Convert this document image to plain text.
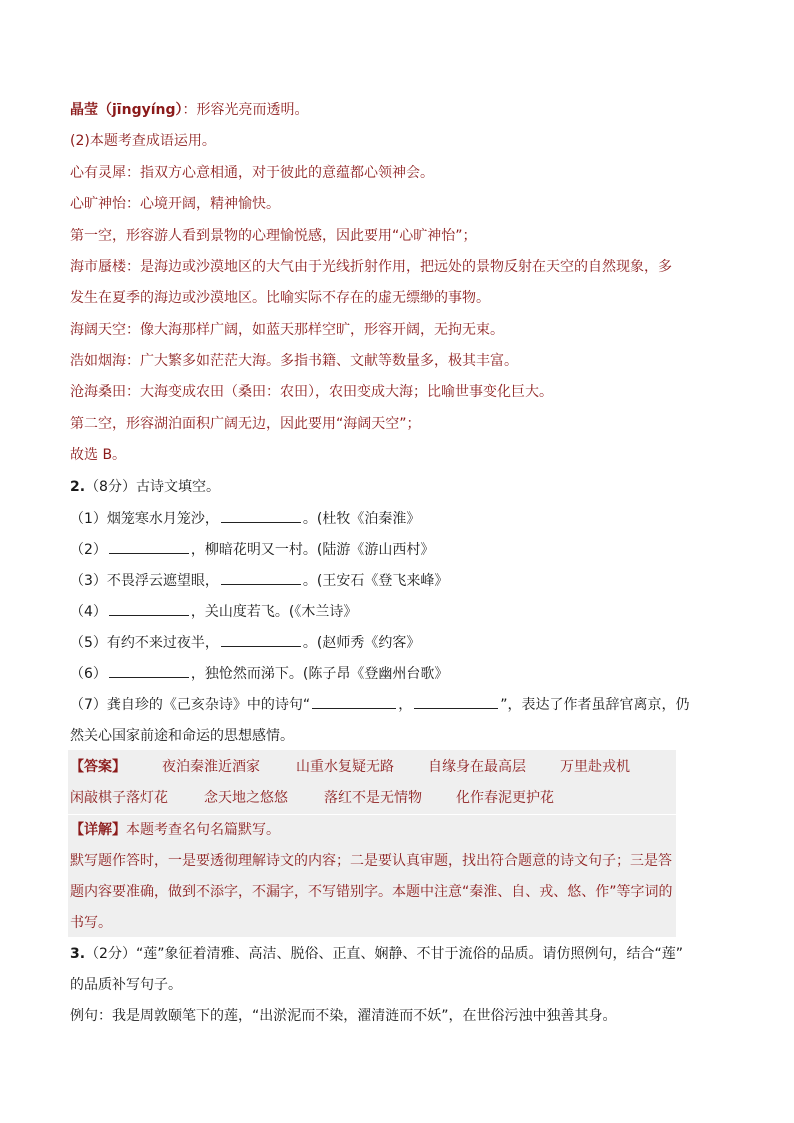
晶莹（jīngyíng）：形容光亮而透明。
(2)本题考查成语运用。
心有灵犀：指双方心意相通，对于彼此的意蕴都心领神会。
心旷神怡：心境开阔，精神愉快。
第一空，形容游人看到景物的心理愉悦感，因此要用“心旷神怡”；
海市蜃楼：是海边或沙漠地区的大气由于光线折射作用，把远处的景物反射在天空的自然现象，多
发生在夏季的海边或沙漠地区。比喻实际不存在的虚无缥缈的事物。
海阔天空：像大海那样广阔，如蓝天那样空旷，形容开阔，无拘无束。
浩如烟海：广大繁多如茫茫大海。多指书籍、文献等数量多，极其丰富。
沧海桑田：大海变成农田（桑田：农田），农田变成大海；比喻世事变化巨大。
第二空，形容湖泊面积广阔无边，因此要用“海阔天空”；
故选 B。
2.（8分）古诗文填空。
（1）烟笼寒水月笼沙，	。(杜牧《泊秦淮》
（2）	，柳暗花明又一村。(陆游《游山西村》
（3）不畏浮云遮望眼，	。(王安石《登飞来峰》
（4）	，关山度若飞。(《木兰诗》
（5）有约不来过夜半，	。(赵师秀《约客》
（6）	，独怆然而涕下。(陈子昂《登幽州台歌》
（7）龚自珍的《己亥杂诗》中的诗句“	，	”，表达了作者虽辞官离京，仍
然关心国家前途和命运的思想感情。
【答案】	夜泊秦淮近酒家	山重水复疑无路 自缘身在最高层 万里赴戎机
闲敲棋子落灯花	念天地之悠悠	落红不是无情物 化作春泥更护花
【详解】本题考查名句名篇默写。
默写题作答时，一是要透彻理解诗文的内容；二是要认真审题，找出符合题意的诗文句子；三是答
题内容要准确，做到不添字，不漏字，不写错别字。本题中注意“秦淮、自、戎、悠、作”等字词的
书写。
3.（2分）“莲”象征着清雅、高洁、脱俗、正直、娴静、不甘于流俗的品质。请仿照例句，结合“莲”
的品质补写句子。
例句：我是周敦颐笔下的莲，“出淤泥而不染，濯清涟而不妖”，在世俗污浊中独善其身。
